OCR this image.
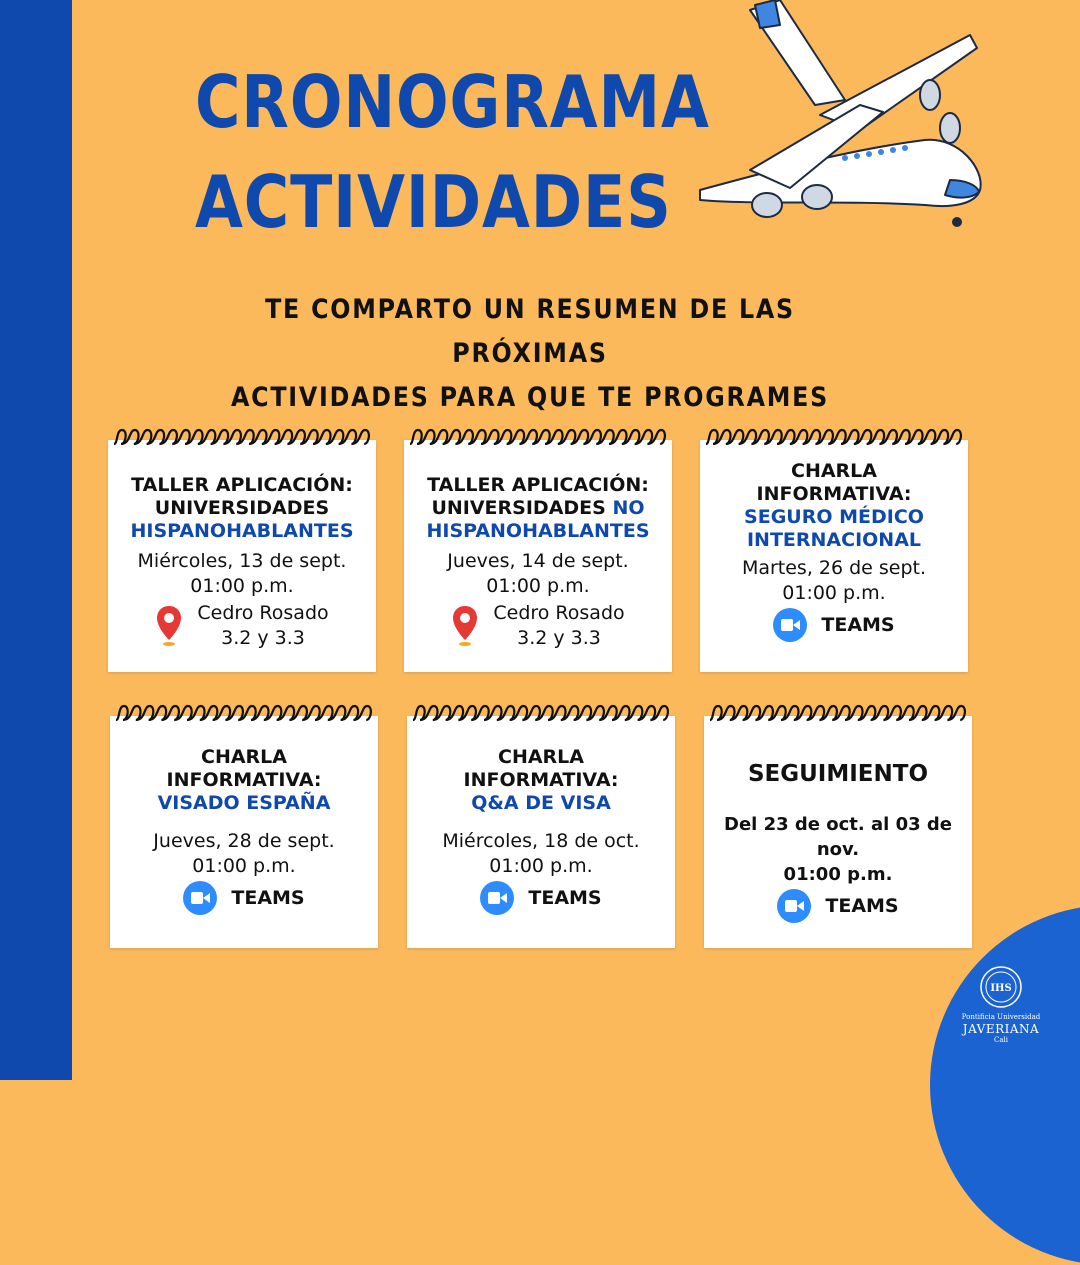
CRONOGRAMA
ACTIVIDADES
TE COMPARTO UN RESUMEN DE LAS PRÓXIMAS
ACTIVIDADES PARA QUE TE PROGRAMES
TALLER APLICACIÓN:
UNIVERSIDADES
HISPANOHABLANTES
Miércoles, 13 de sept.
01:00 p.m.
Cedro Rosado
3.2 y 3.3
TALLER APLICACIÓN:
UNIVERSIDADES NO
HISPANOHABLANTES
Jueves, 14 de sept.
01:00 p.m.
Cedro Rosado
3.2 y 3.3
CHARLA
INFORMATIVA:
SEGURO MÉDICO
INTERNACIONAL
Martes, 26 de sept.
01:00 p.m.
TEAMS
CHARLA
INFORMATIVA:
VISADO ESPAÑA
Jueves, 28 de sept.
01:00 p.m.
TEAMS
CHARLA
INFORMATIVA:
Q&A DE VISA
Miércoles, 18 de oct.
01:00 p.m.
TEAMS
SEGUIMIENTO
Del 23 de oct. al 03 de
nov.
01:00 p.m.
TEAMS
IHS
Pontificia Universidad
JAVERIANA
Cali
